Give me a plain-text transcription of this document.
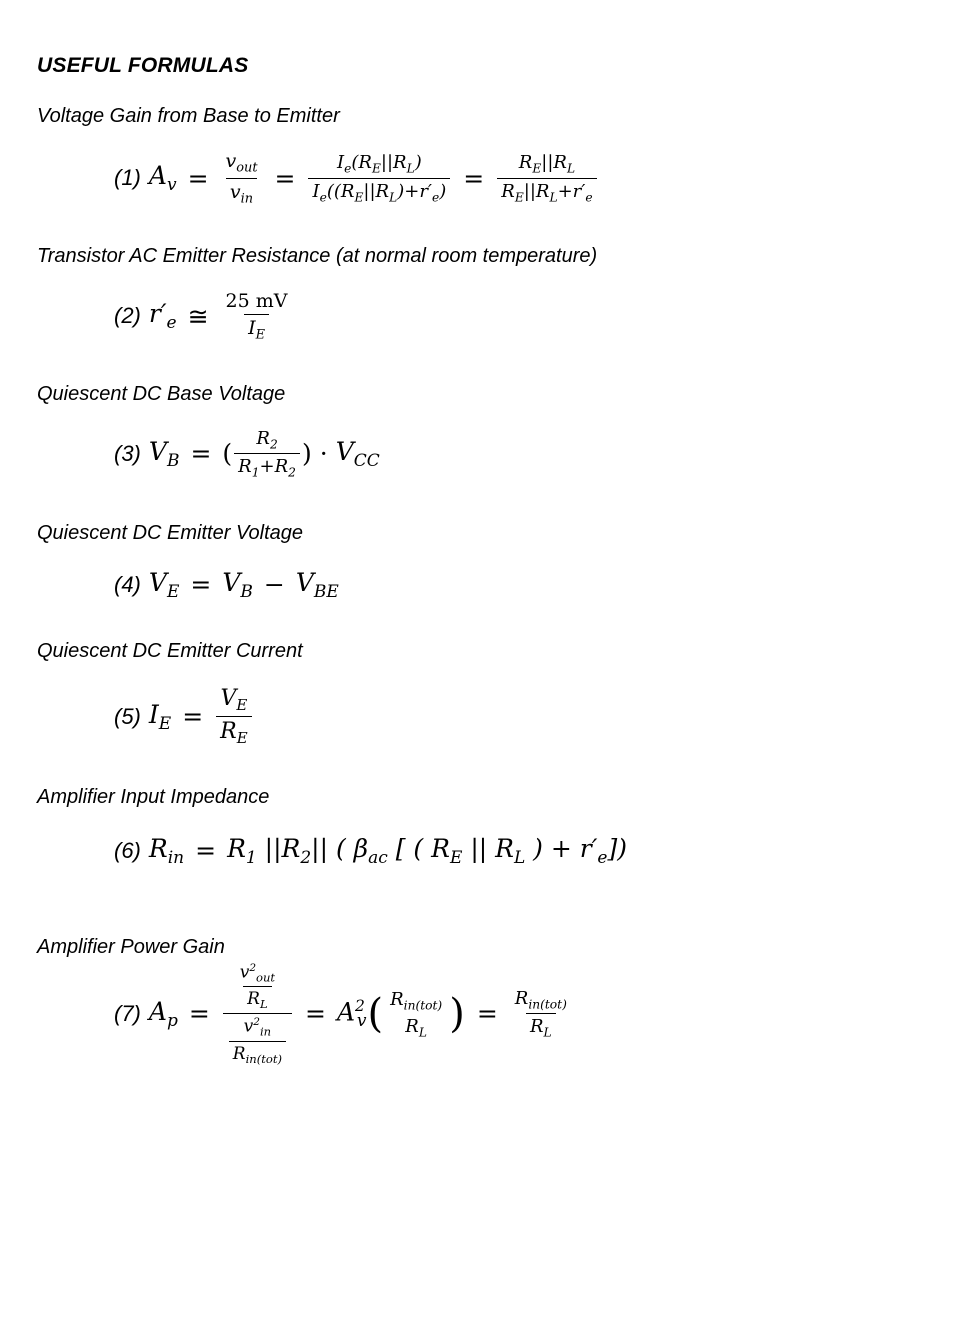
USEFUL FORMULAS
Voltage Gain from Base to Emitter
(1) $A_v = \frac{v_{out}}{v_{in}} = \frac{I_e(R_E||R_L)}{I_e((R_E||R_L)+r'_e)} = \frac{R_E||R_L}{R_E||R_L+r'_e}$
Transistor AC Emitter Resistance (at normal room temperature)
(2) $r'_e$ ≅ $\frac{25 mV}{I_E}$
Quiescent DC Base Voltage
(3) $V_B$ = ( $\frac{R_2}{R_1+R_2}$ ) · $V_{CC}$
Quiescent DC Emitter Voltage
(4) $V_E = V_B - V_{BE}$
Quiescent DC Emitter Current
(5) $I_E = \frac{V_E}{R_E}$
Amplifier Input Impedance
(6) $R_{in} = R_1$ $||R_2||$ ( $\beta_{ac}$ [ ( $R_E$ || $R_L$ ) + $r'_e$])
Amplifier Power Gain
(7) $A_p = \frac{\frac{v^2_{out}}{R_L}}{\frac{v^2_{in}}{R_{in(tot)}}} = A^2_v$ ( $R_{in(tot)}$
$R_L$ ) = $\frac{R_{in(tot)}}{R_L}$
